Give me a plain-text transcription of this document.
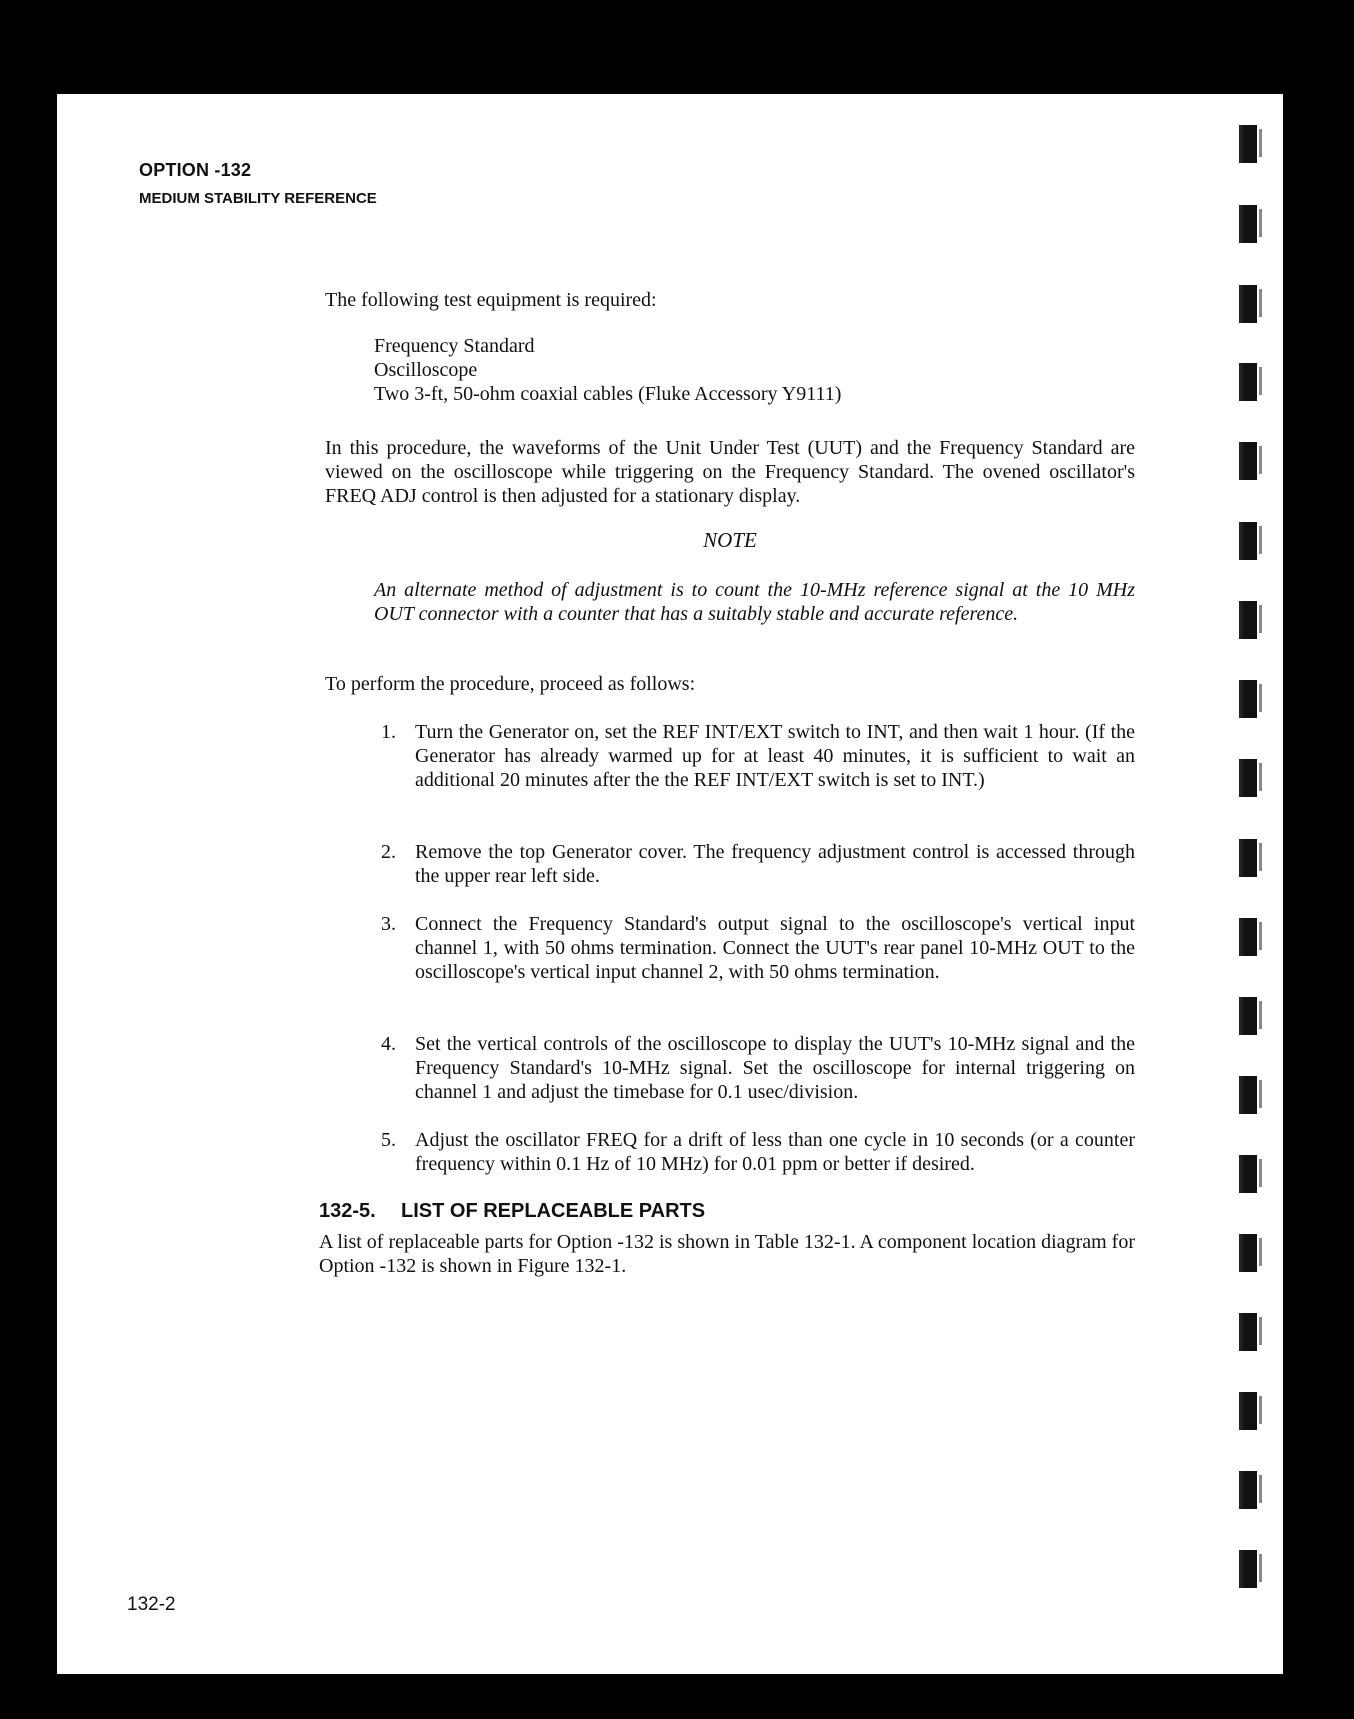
OPTION -132
MEDIUM STABILITY REFERENCE
The following test equipment is required:
Frequency Standard
Oscilloscope
Two 3-ft, 50-ohm coaxial cables (Fluke Accessory Y9111)
In this procedure, the waveforms of the Unit Under Test (UUT) and the Frequency Standard are viewed on the oscilloscope while triggering on the Frequency Standard. The ovened oscillator's FREQ ADJ control is then adjusted for a stationary display.
NOTE
An alternate method of adjustment is to count the 10-MHz reference signal at the 10 MHz OUT connector with a counter that has a suitably stable and accurate reference.
To perform the procedure, proceed as follows:
1. Turn the Generator on, set the REF INT/EXT switch to INT, and then wait 1 hour. (If the Generator has already warmed up for at least 40 minutes, it is sufficient to wait an additional 20 minutes after the the REF INT/EXT switch is set to INT.)
2. Remove the top Generator cover. The frequency adjustment control is accessed through the upper rear left side.
3. Connect the Frequency Standard's output signal to the oscilloscope's vertical input channel 1, with 50 ohms termination. Connect the UUT's rear panel 10-MHz OUT to the oscilloscope's vertical input channel 2, with 50 ohms termination.
4. Set the vertical controls of the oscilloscope to display the UUT's 10-MHz signal and the Frequency Standard's 10-MHz signal. Set the oscilloscope for internal triggering on channel 1 and adjust the timebase for 0.1 usec/division.
5. Adjust the oscillator FREQ for a drift of less than one cycle in 10 seconds (or a counter frequency within 0.1 Hz of 10 MHz) for 0.01 ppm or better if desired.
132-5. LIST OF REPLACEABLE PARTS
A list of replaceable parts for Option -132 is shown in Table 132-1. A component location diagram for Option -132 is shown in Figure 132-1.
132-2
